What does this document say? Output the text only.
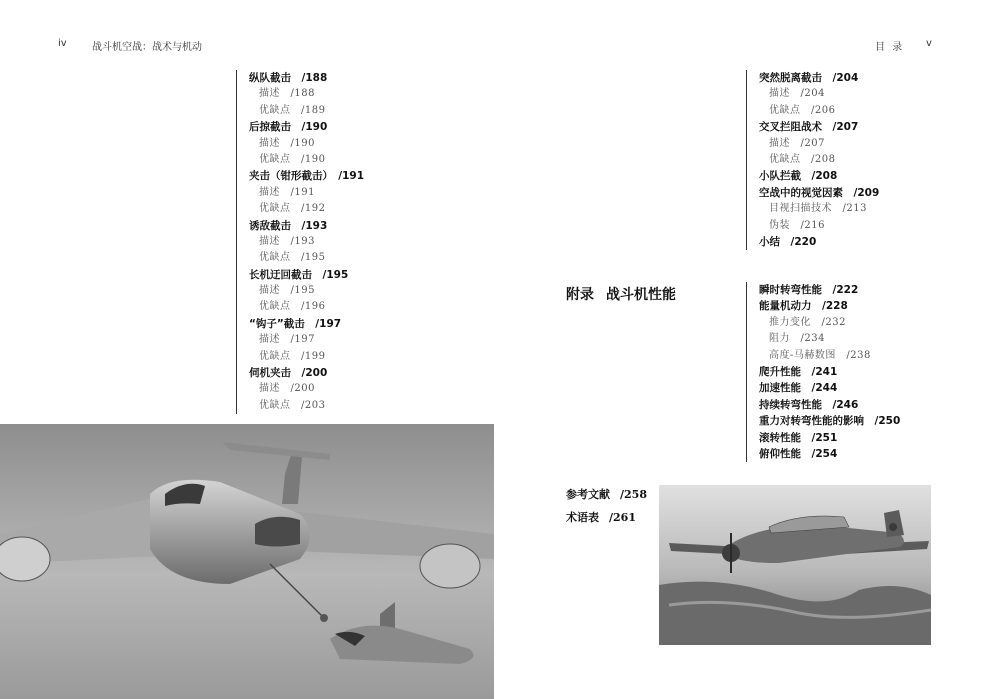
iv	战斗机空战：战术与机动	目 录 v
纵队截击　/188
描述　/188
优缺点　/189
后掠截击　/190
描述　/190
优缺点　/190
夹击（钳形截击）　/191
描述　/191
优缺点　/192
诱敌截击　/193
描述　/193
优缺点　/195
长机迂回截击　/195
描述　/195
优缺点　/196
“钩子”截击　/197
描述　/197
优缺点　/199
伺机夹击　/200
描述　/200
优缺点　/203
突然脱离截击　/204
描述　/204
优缺点　/206
交叉拦阻战术　/207
描述　/207
优缺点　/208
小队拦截　/208
空战中的视觉因素　/209
目视扫描技术　/213
伪装　/216
小结　/220
附录 战斗机性能	瞬时转弯性能　/222
能量机动力　/228
推力变化　/232
阻力　/234
高度-马赫数图　/238
爬升性能　/241
加速性能　/244
持续转弯性能　/246
重力对转弯性能的影响　/250
滚转性能　/251
俯仰性能　/254
参考文献 /258
术语表 /261
